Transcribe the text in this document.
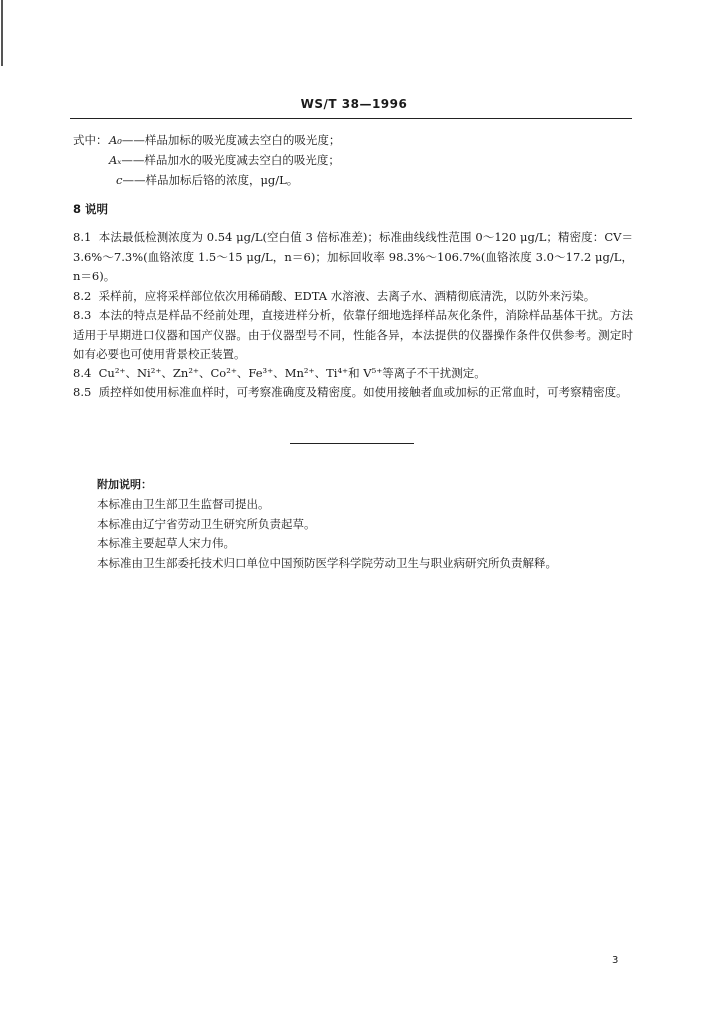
WS/T 38—1996
式中： A₀——样品加标的吸光度减去空白的吸光度；
Aₓ——样品加水的吸光度减去空白的吸光度；
c——样品加标后铬的浓度，μg/L。
8 说明
8.1 本法最低检测浓度为 0.54 μg/L(空白值 3 倍标准差)；标准曲线线性范围 0～120 μg/L；精密度：CV＝3.6%～7.3%(血铬浓度 1.5～15 μg/L，n＝6)；加标回收率 98.3%～106.7%(血铬浓度 3.0～17.2 μg/L，n＝6)。
8.2 采样前，应将采样部位依次用稀硝酸、EDTA 水溶液、去离子水、酒精彻底清洗，以防外来污染。
8.3 本法的特点是样品不经前处理，直接进样分析，依靠仔细地选择样品灰化条件，消除样品基体干扰。方法适用于早期进口仪器和国产仪器。由于仪器型号不同，性能各异，本法提供的仪器操作条件仅供参考。测定时如有必要也可使用背景校正装置。
8.4 Cu²⁺、Ni²⁺、Zn²⁺、Co²⁺、Fe³⁺、Mn²⁺、Ti⁴⁺和 V⁵⁺等离子不干扰测定。
8.5 质控样如使用标准血样时，可考察准确度及精密度。如使用接触者血或加标的正常血时，可考察精密度。
附加说明：
本标准由卫生部卫生监督司提出。
本标准由辽宁省劳动卫生研究所负责起草。
本标准主要起草人宋力伟。
本标准由卫生部委托技术归口单位中国预防医学科学院劳动卫生与职业病研究所负责解释。
3
